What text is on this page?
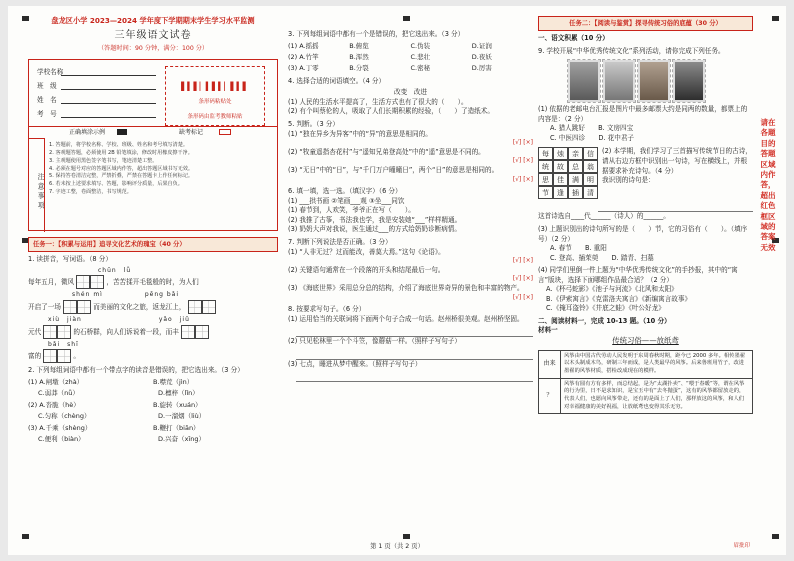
盘龙区小学 2023—2024 学年度下学期期末学生学习水平监测
三年级语文试卷
（答题时间：90 分钟，满分：100 分）
学校名称
班　级
姓　名
考　号
▌▍▌▏▍▌▍▏▌▍▌
条形码粘贴处
条形码由监考教师粘贴
正确填涂示例	缺考标记
注意事项
1. 答题前，将学校名称、学校、班级、姓名和考号填写清楚。
2. 客观题答题，必须使用 2B 铅笔填涂，修改时用橡皮擦干净。
3. 主观题使用黑色签字笔书写，笔迹清楚工整。
4. 必须在题号对应的答题区域内作答，超出答题区域书写无效。
5. 保持答卷清洁完整，严禁折叠，严禁在答题卡上作任何标记。
6. 若未按上述要求填写、答题，影响评分质量，后果自负。
7. 字迹工整，卷面整洁，书写规范。
任务一：【积累与运用】追寻文化艺术的瑰宝（40 分）
1. 读拼音，写词语。（8 分）
chūn　lǚ
每年五月，微风	，苦苦揉开毛毯般的时，为人们
shén mì　　　　　　pēng bǎi
开启了一场	而美丽的文化之旅，返龙江上，
xiù　jiàn　　　　　　　　　　　yǎo　jiǔ
元代	的石桥群，向人们诉说着一段，而丰
bǎi　shī
富的	。
2. 下列每组词语中都有一个带点字的读音是错误的，把它选出来。（3 分）
(1) A.闸墩（zhà）	B.噤荒（jìn）
C.弱莽（nǚ）	D.檩梓（lǐn）
(2) A.沓脆（hè）	B.旋转（xuán）
C.匀称（chèng）	D.一溜烟（liù）
(3) A.千乘（shèng）	B.鞭打（biān）
C.便利（biàn）	D.兴奋（xīng）
3. 下列每组词语中都有一个是错误的，把它选出来。（3 分）
(1) A.摇摇	B.俯览	C.伪装	D.证润
(2) A.竹竿	B.浑然	C.悲壮	D.夜妖
(3) A.丁零	B.分裂	C.密秘	D.厉害
4. 选择合适的词语填空。（4 分）
改变　改进
(1) 人民的生活水平提高了，生活方式也有了很大的（　　）。
(2) 有个叫蔡伦的人，吸取了人们长期积累的经验，（　　）了造纸术。
5. 判断。（3 分）
(1) “独在异乡为异客”中的“异”的意思是相同的。
[√] [×]
(2) “牧童遥指杏花村”与“遥知兄弟登高处”中的“遥”意思是不同的。
[√] [×]
(3) “无日”中的“日”，与“千门万户曈曈日”，两个“日”的意思是相同的。
[√] [×]
6. 填一填，选一选。（填汉字）（6 分）
(1) ___拱书画 ②笔画___观 ③坐___同饮
(1) 春节到，人欢笑，爷爷正在写（　　）。
(2) 我推了古筝，书法我也学，我是安装她“___”样样精通。
(3) 奶奶大声对我说，医生通过___的方式给奶奶诊断病情。
7. 判断下列说法是否正确。（3 分）
(1) “人非无过？过而能改，善莫大焉。”这句《论语》。
[√] [×]
(2) 关键语句通常在一个段落的开头和结尾最后一句。
[√] [×]
(3) 《海底世界》采用总分总的结构，介绍了海底世界奇异的景色和丰富的物产。
[√] [×]
8. 按要求写句子。（6 分）
(1) 运用恰当的关联词将下面两个句子合成一句话。赵州桥很美观。赵州桥坚固。
(2) 只见松林里一个个斗笠，像蘑菇一样。（照样子写句子）
(3) 七点，睡进从梦中醒来。（照样子写句子）
任务二：【阅读与鉴赏】探寻传统习俗的底蕴（30 分）
一、语文积累（10 分）
9. 学校开展“中华优秀传统文化”系列活动，请你完成下列任务。
(1) 依据的老邮电台汇报是图片中最多邮票大约是同两的数量，都票上的内容是：（2 分）
A. 猎人跳好　　B. 文房四宝
C. 中医四诊　　D. 花中君子
每	烛	亲	信
统	故	总	翁
思	佳	满	明
节	逢	插	清
(2) 本学期，我们学习了三首描写传统节日的古诗，请从右边方框中识别出一句诗，写在横线上，并根据要求补充诗句。（4 分）
我识别的诗句是：
这首诗选自____代______（诗人）的______。
(3) 上题识别出的诗句所写的是（　　）节，它的习俗有（　　）。（填序号）（2 分）
A. 春节　　B. 重阳
C. 登高、插茱萸　　D. 踏青、扫墓
(4) 同学们里倒一件上题为“中华优秀传统文化”的手抄报，其中的“寓言”版块，选择下面哪组作品最合适？（2 分）
A.《杯弓蛇影》《池子与河流》《北风和太阳》
B.《伊索寓言》《克雷洛夫寓言》《新编寓言故事》
C.《掩耳盗铃》《井底之蛙》《叶公好龙》
二、阅读材料一，完成 10-13 题。（10 分）
材料一
传统习俗——放纸鸢
由来	风筝由中国古代劳动人民发明于东周春秋时期，距今已 2000 多年。相传墨翟以木头制成木鸟，研制三年而成，是人类最早的风筝。后来鲁班用竹子，改进墨翟的风筝材质，搭检改成现在的模样。
？	风筝有圆有方有多样，而总结起，是为“太湖扑卖”、“喂于春暖”等，谓在风筝的行为里，日不是求知识，是宝玉中有“去冬抛蛋”，这有的风筝都留放走的，代表人们，也愿向风筝带走，还有的是面上了人们，那样放这的风筝，和人们对幸福健康的美好祝福，让放纸鸢也变得其乐无穷。
请在各题目的答题区域内作答，超出红色框区域的答案无效
第 1 页（共 2 页）	眉批印
